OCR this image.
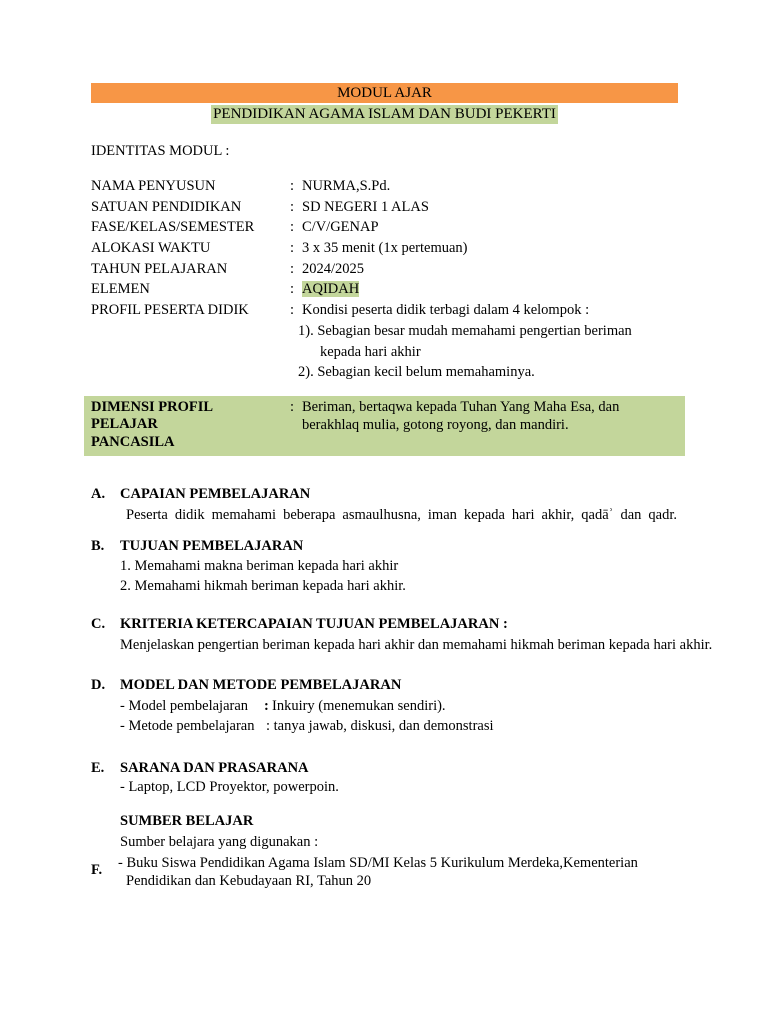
MODUL AJAR
PENDIDIKAN AGAMA ISLAM DAN BUDI PEKERTI
IDENTITAS MODUL :
NAMA PENYUSUN	: NURMA,S.Pd.
SATUAN PENDIDIKAN	: SD NEGERI 1 ALAS
FASE/KELAS/SEMESTER : C/V/GENAP
ALOKASI WAKTU	: 3 x 35 menit (1x pertemuan)
TAHUN PELAJARAN	: 2024/2025
ELEMEN	: AQIDAH
PROFIL PESERTA DIDIK	: Kondisi peserta didik terbagi dalam 4 kelompok :
1). Sebagian besar mudah memahami pengertian beriman
kepada hari akhir
2). Sebagian kecil belum memahaminya.
DIMENSI PROFIL
PELAJAR
PANCASILA
: Beriman, bertaqwa kepada Tuhan Yang Maha Esa, dan
berakhlaq mulia, gotong royong, dan mandiri.
A. CAPAIAN PEMBELAJARAN
Peserta didik memahami beberapa asmaulhusna, iman kepada hari akhir, qadāʾ dan qadr.
B. TUJUAN PEMBELAJARAN
1. Memahami makna beriman kepada hari akhir
2. Memahami hikmah beriman kepada hari akhir.
C. KRITERIA KETERCAPAIAN TUJUAN PEMBELAJARAN :
Menjelaskan pengertian beriman kepada hari akhir dan memahami hikmah beriman kepada hari akhir.
D. MODEL DAN METODE PEMBELAJARAN
- Model pembelajaran : Inkuiry (menemukan sendiri).
- Metode pembelajaran : tanya jawab, diskusi, dan demonstrasi
E. SARANA DAN PRASARANA
- Laptop, LCD Proyektor, powerpoin.
SUMBER BELAJAR
Sumber belajara yang digunakan :
F. - Buku Siswa Pendidikan Agama Islam SD/MI Kelas 5 Kurikulum Merdeka,Kementerian
Pendidikan dan Kebudayaan RI, Tahun 20
